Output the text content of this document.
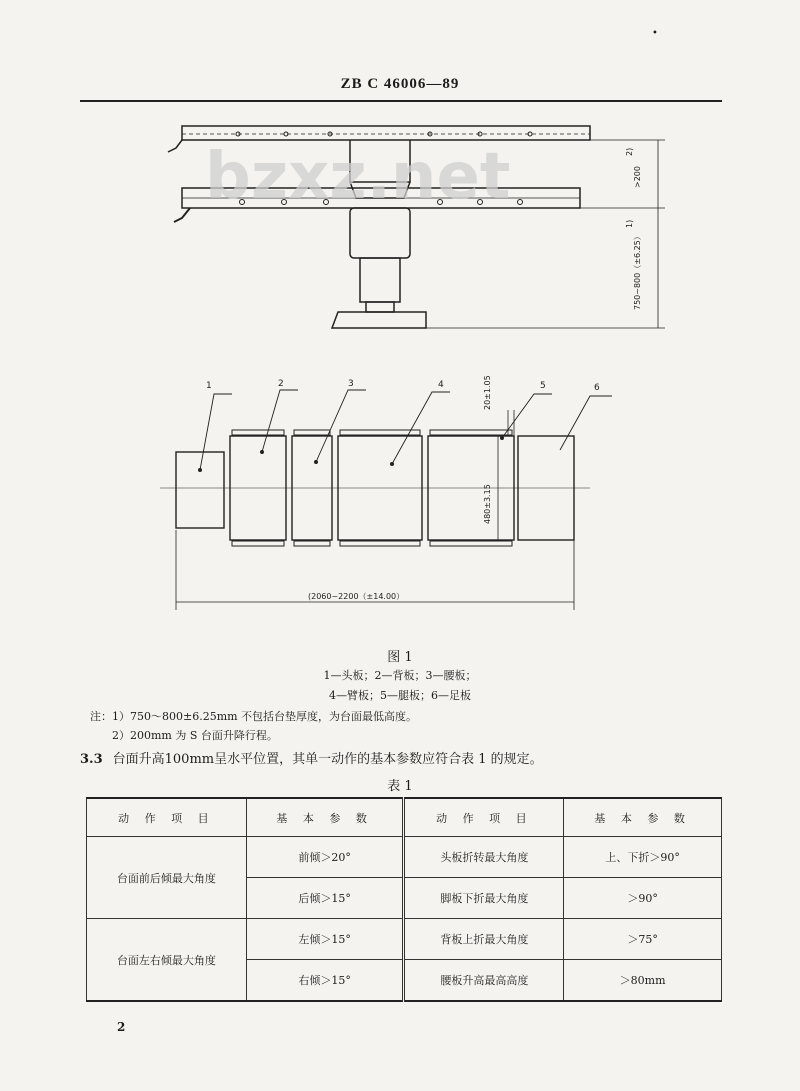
•
ZB C 46006—89
>200
2)
750~800（±6.25）
1)
bzxz.net
1	2	3	4	5	6
(2060~2200（±14.00）
480±3.15
20±1.05
图 1
1—头板；2—背板；3—腰板；
4—臂板；5—腿板；6—足板
注：1）750～800±6.25mm 不包括台垫厚度，为台面最低高度。
2）200mm 为 S 台面升降行程。
3.3 台面升高100mm呈水平位置，其单一动作的基本参数应符合表 1 的规定。
表 1
动 作 项 目	基 本 参 数	动 作 项 目	基 本 参 数
台面前后倾最大角度	前倾＞20°	头板折转最大角度	上、下折＞90°
	后倾＞15°	脚板下折最大角度	＞90°
台面左右倾最大角度	左倾＞15°	背板上折最大角度	＞75°
	右倾＞15°	腰板升高最高高度	＞80mm
2
